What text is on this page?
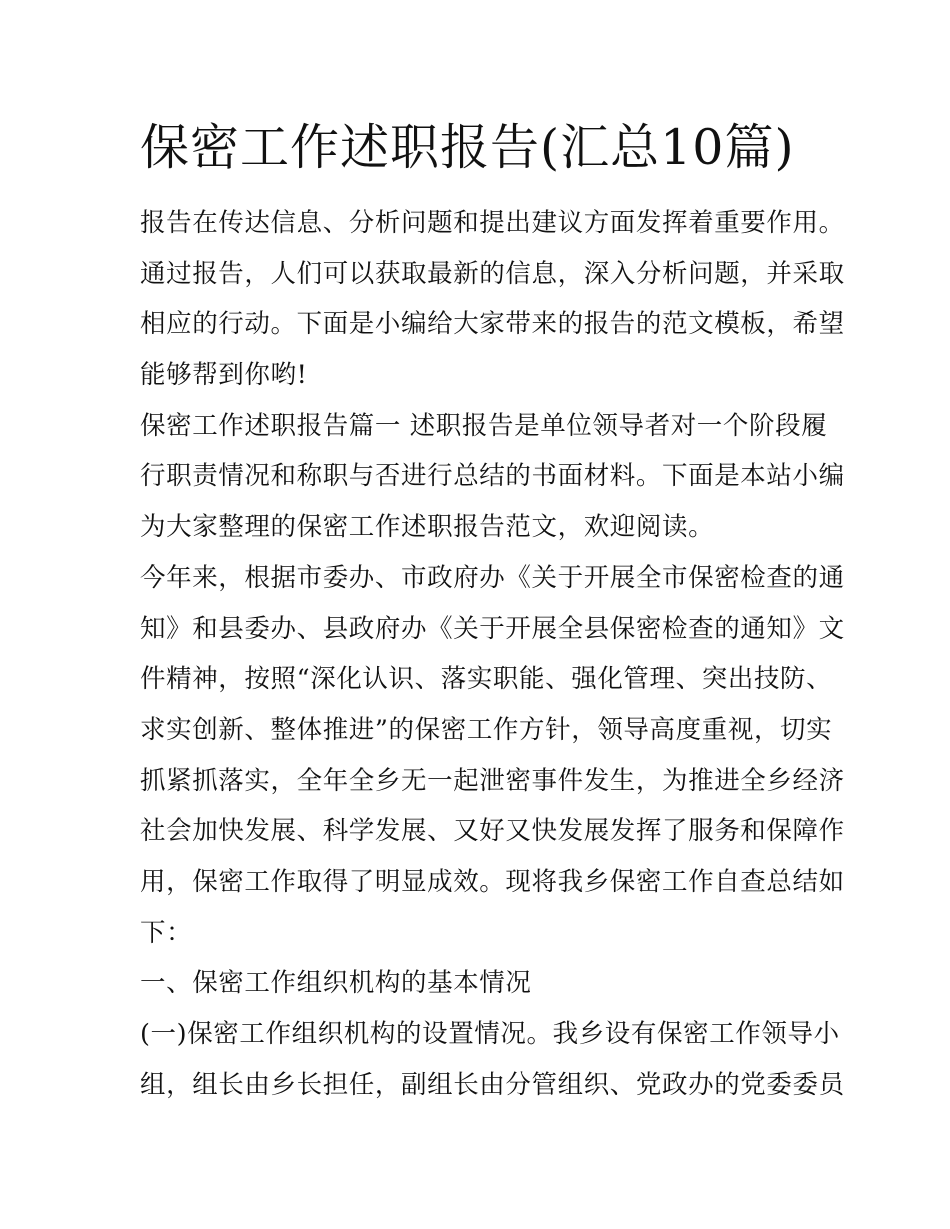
保密工作述职报告(汇总10篇)
报告在传达信息、分析问题和提出建议方面发挥着重要作用。
通过报告，人们可以获取最新的信息，深入分析问题，并采取
相应的行动。下面是小编给大家带来的报告的范文模板，希望
能够帮到你哟!
保密工作述职报告篇一 述职报告是单位领导者对一个阶段履
行职责情况和称职与否进行总结的书面材料。下面是本站小编
为大家整理的保密工作述职报告范文，欢迎阅读。
今年来，根据市委办、市政府办《关于开展全市保密检查的通
知》和县委办、县政府办《关于开展全县保密检查的通知》文
件精神，按照“深化认识、落实职能、强化管理、突出技防、
求实创新、整体推进”的保密工作方针，领导高度重视，切实
抓紧抓落实，全年全乡无一起泄密事件发生，为推进全乡经济
社会加快发展、科学发展、又好又快发展发挥了服务和保障作
用，保密工作取得了明显成效。现将我乡保密工作自查总结如
下：
一、保密工作组织机构的基本情况
(一)保密工作组织机构的设置情况。我乡设有保密工作领导小
组，组长由乡长担任，副组长由分管组织、党政办的党委委员
